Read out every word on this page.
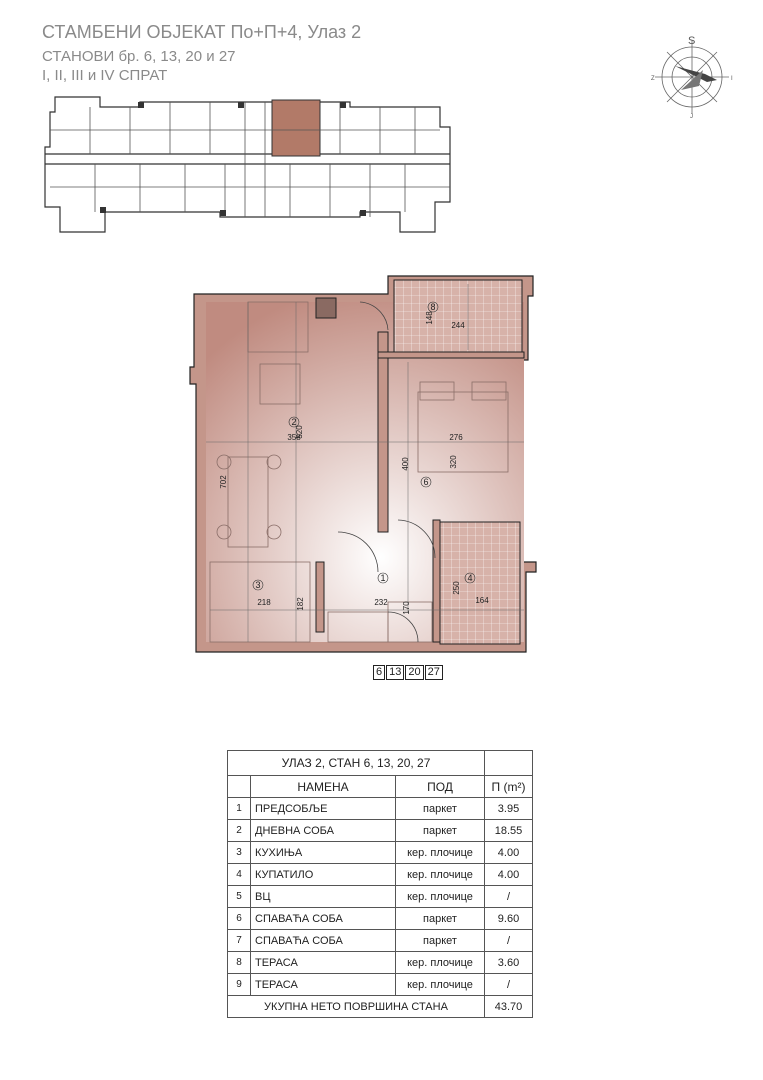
СТАМБЕНИ ОБЈЕКАТ По+П+4, Улаз 2
СТАНОВИ бр. 6, 13, 20 и 27
I, II, III и IV СПРАТ
S
Z	I
J
8
2
6
3
1	4
148
244
358
520	276
702
400	320
218	182	232 170
250
164
6 13 20 27
УЛАЗ 2, СТАН 6, 13, 20, 27			
	НАМЕНА	ПОД	П (m²)
1	ПРЕДСОБЉЕ	паркет	3.95
2	ДНЕВНА СОБА	паркет	18.55
3	КУХИЊА	кер. плочице	4.00
4	КУПАТИЛО	кер. плочице	4.00
5	ВЦ	кер. плочице	/
6	СПАВАЋА СОБА	паркет	9.60
7	СПАВАЋА СОБА	паркет	/
8	ТЕРАСА	кер. плочице	3.60
9	ТЕРАСА	кер. плочице	/
УКУПНА НЕТО ПОВРШИНА СТАНА			43.70
